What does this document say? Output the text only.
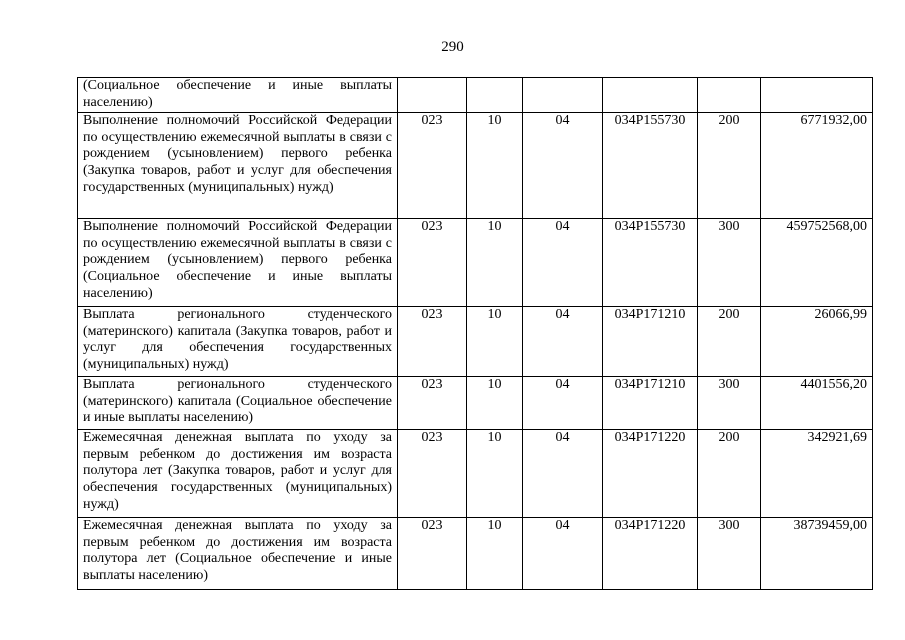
290
(Социальное обеспечение и иные выплаты населению)						
Выполнение полномочий Российской Федерации по осуществлению ежемесячной выплаты в связи с рождением (усыновлением) первого ребенка (Закупка товаров, работ и услуг для обеспечения государственных (муниципальных) нужд)	023	10	04	034P155730	200	6771932,00
Выполнение полномочий Российской Федерации по осуществлению ежемесячной выплаты в связи с рождением (усыновлением) первого ребенка (Социальное обеспечение и иные выплаты населению)	023	10	04	034P155730	300	459752568,00
Выплата регионального студенческого (материнского) капитала (Закупка товаров, работ и услуг для обеспечения государственных (муниципальных) нужд)	023	10	04	034P171210	200	26066,99
Выплата регионального студенческого (материнского) капитала (Социальное обеспечение и иные выплаты населению)	023	10	04	034P171210	300	4401556,20
Ежемесячная денежная выплата по уходу за первым ребенком до достижения им возраста полутора лет (Закупка товаров, работ и услуг для обеспечения государственных (муниципальных) нужд)	023	10	04	034P171220	200	342921,69
Ежемесячная денежная выплата по уходу за первым ребенком до достижения им возраста полутора лет (Социальное обеспечение и иные выплаты населению)	023	10	04	034P171220	300	38739459,00
